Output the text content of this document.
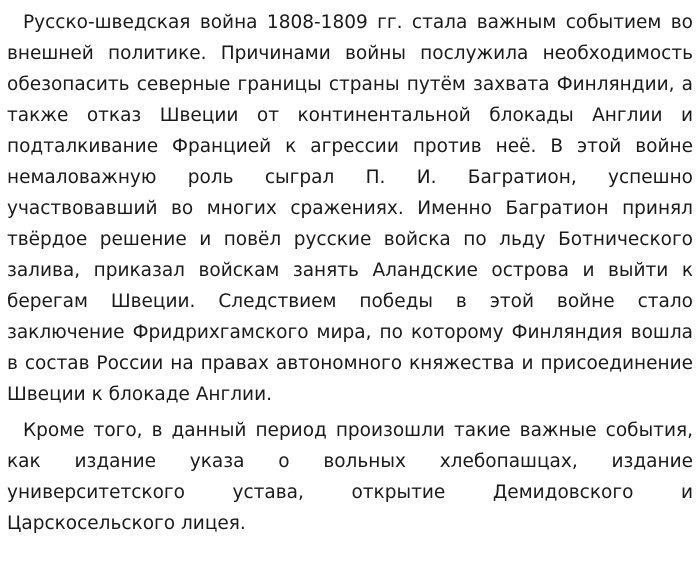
Русско-шведская война 1808-1809 гг. стала важным событием во внешней политике. Причинами войны послужила необходимость обезопасить северные границы страны путём захвата Финляндии, а также отказ Швеции от континентальной блокады Англии и подталкивание Францией к агрессии против неё. В этой войне немаловажную роль сыграл П. И. Багратион, успешно участвовавший во многих сражениях. Именно Багратион принял твёрдое решение и повёл русские войска по льду Ботнического залива, приказал войскам занять Аландские острова и выйти к берегам Швеции. Следствием победы в этой войне стало заключение Фридрихгамского мира, по которому Финляндия вошла в состав России на правах автономного княжества и присоединение Швеции к блокаде Англии.

Кроме того, в данный период произошли такие важные события, как издание указа о вольных хлебопашцах, издание университетского устава, открытие Демидовского и Царскосельского лицея.
